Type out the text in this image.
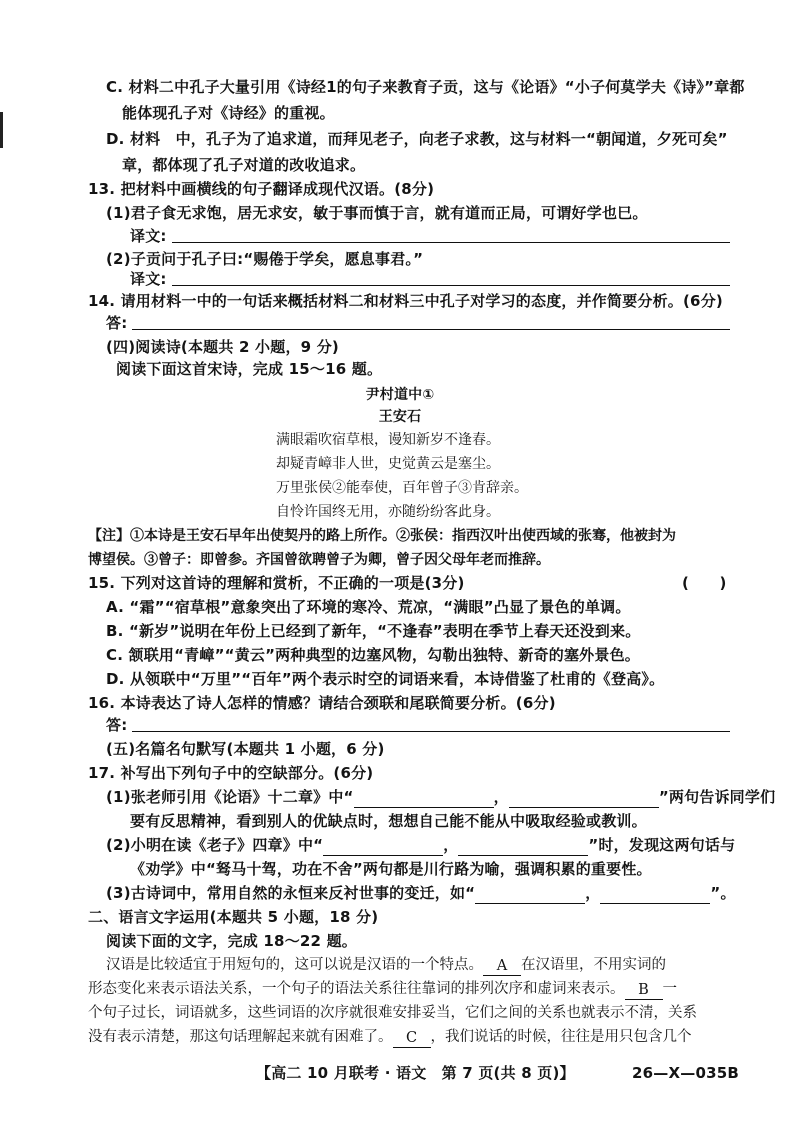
C. 材料二中孔子大量引用《诗经1的句子来教育子贡，这与《论语》“小子何莫学夫《诗》”章都
能体现孔子对《诗经》的重视。
D. 材料　中，孔子为了追求道，而拜见老子，向老子求教，这与材料一“朝闻道，夕死可矣”
章，都体现了孔子对道的改收追求。
13. 把材料中画横线的句子翻译成现代汉语。(8分)
(1)君子食无求饱，居无求安，敏于事而慎于言，就有道而正局，可谓好学也巳。
译文:
(2)子贡问于孔子曰:“赐倦于学矣，愿息事君。”
译文:
14. 请用材料一中的一句话来概括材料二和材料三中孔子对学习的态度，并作简要分析。(6分)
答:
(四)阅读诗(本题共 2 小题，9 分)
阅读下面这首宋诗，完成 15～16 题。
尹村道中①
王安石
满眼霜吹宿草根，谩知新岁不逢春。
却疑青嶂非人世，史觉黄云是塞尘。
万里张侯②能奉使，百年曾子③肯辞亲。
自怜许国终无用，亦随纷纷客此身。
【注】①本诗是王安石早年出使契丹的路上所作。②张侯：指西汉叶出使西域的张骞，他被封为
博望侯。③曾子：即曾参。齐国曾欲聘曾子为卿，曾子因父母年老而推辞。
15. 下列对这首诗的理解和赏析，不正确的一项是(3分)	(　　)
A. “霜”“宿草根”意象突出了环境的寒冷、荒凉，“满眼”凸显了景色的单调。
B. “新岁”说明在年份上已经到了新年，“不逢春”表明在季节上春天还没到来。
C. 颔联用“青嶂”“黄云”两种典型的边塞风物，勾勒出独特、新奇的塞外景色。
D. 从领联中“万里”“百年”两个表示时空的词语来看，本诗借鉴了杜甫的《登高》。
16. 本诗表达了诗人怎样的情感？请结合颈联和尾联简要分析。(6分)
答:
(五)名篇名句默写(本题共 1 小题，6 分)
17. 补写出下列句子中的空缺部分。(6分)
(1)张老师引用《论语》十二章》中“	，	”两句告诉同学们
要有反思精神，看到别人的优缺点时，想想自己能不能从中吸取经验或教训。
(2)小明在读《老子》四章》中“	，	”时，发现这两句话与
《劝学》中“驽马十驾，功在不舍”两句都是川行路为喻，强调积累的重要性。
(3)古诗词中，常用自然的永恒来反衬世事的变迁，如“	，	”。
二、语言文字运用(本题共 5 小题，18 分)
阅读下面的文字，完成 18～22 题。
汉语是比较适宜于用短句的，这可以说是汉语的一个特点。 A 在汉语里，不用实词的
形态变化来表示语法关系，一个句子的语法关系往往靠词的排列次序和虚词来表示。 B 一
个句子过长，词语就多，这些词语的次序就很难安排妥当，它们之间的关系也就表示不清，关系
没有表示清楚，那这句话理解起来就有困难了。 C ，我们说话的时候，往往是用只包含几个
【高二 10 月联考 · 语文　第 7 页(共 8 页)】	26—X—035B
